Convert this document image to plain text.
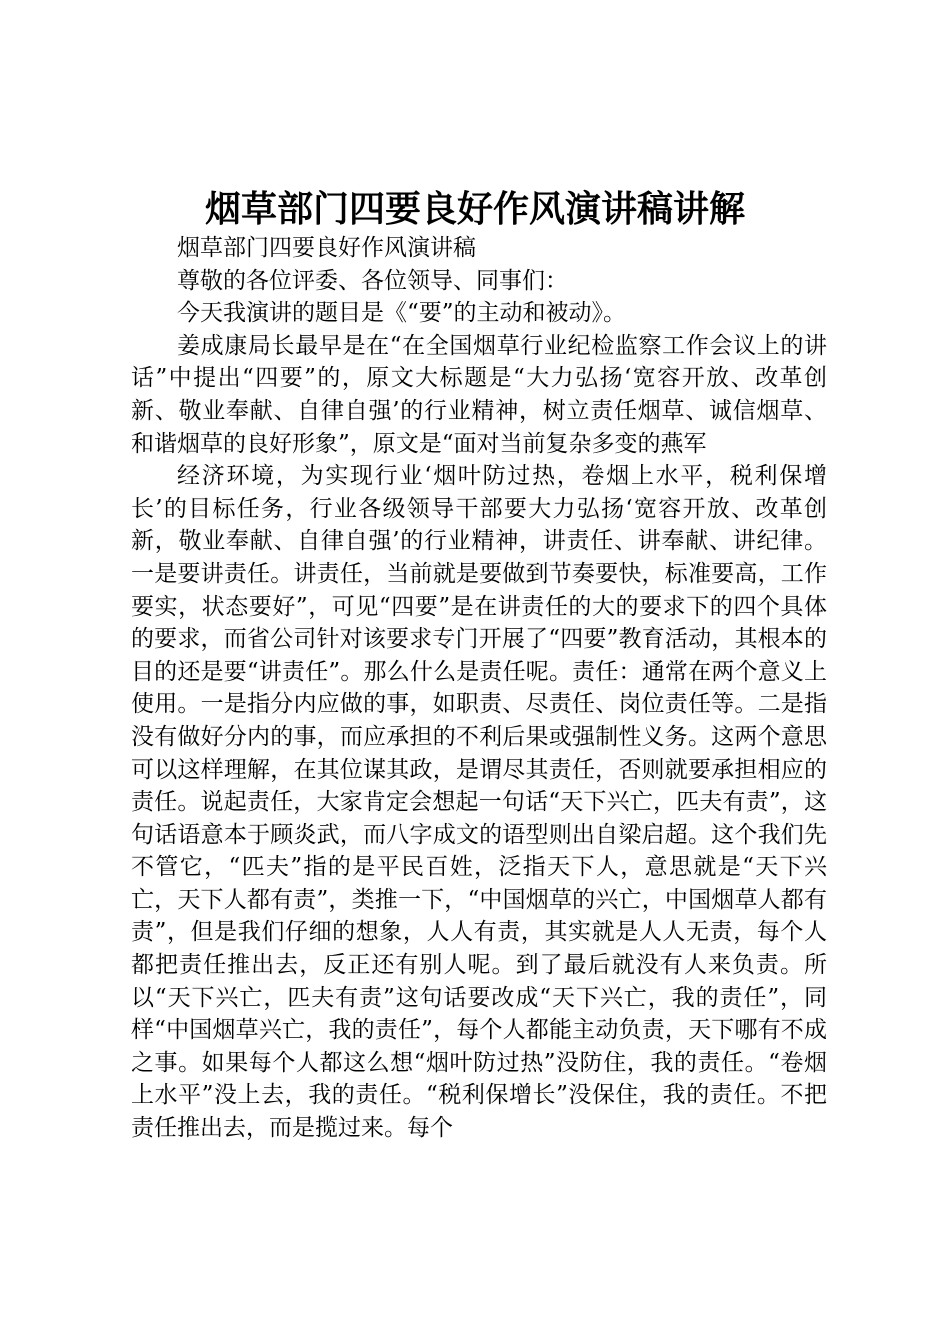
烟草部门四要良好作风演讲稿讲解

烟草部门四要良好作风演讲稿

尊敬的各位评委、各位领导、同事们：

今天我演讲的题目是《“要”的主动和被动》。

姜成康局长最早是在“在全国烟草行业纪检监察工作会议上的讲话”中提出“四要”的，原文大标题是“大力弘扬‘宽容开放、改革创新、敬业奉献、自律自强’的行业精神，树立责任烟草、诚信烟草、和谐烟草的良好形象”，原文是“面对当前复杂多变的燕军

经济环境，为实现行业‘烟叶防过热，卷烟上水平，税利保增长’的目标任务，行业各级领导干部要大力弘扬‘宽容开放、改革创新，敬业奉献、自律自强’的行业精神，讲责任、讲奉献、讲纪律。一是要讲责任。讲责任，当前就是要做到节奏要快，标准要高，工作要实，状态要好”，可见“四要”是在讲责任的大的要求下的四个具体的要求，而省公司针对该要求专门开展了“四要”教育活动，其根本的目的还是要“讲责任”。那么什么是责任呢。责任：通常在两个意义上使用。一是指分内应做的事，如职责、尽责任、岗位责任等。二是指没有做好分内的事，而应承担的不利后果或强制性义务。这两个意思可以这样理解，在其位谋其政，是谓尽其责任，否则就要承担相应的责任。说起责任，大家肯定会想起一句话“天下兴亡，匹夫有责”，这句话语意本于顾炎武，而八字成文的语型则出自梁启超。这个我们先不管它，“匹夫”指的是平民百姓，泛指天下人，意思就是“天下兴亡，天下人都有责”，类推一下，“中国烟草的兴亡，中国烟草人都有责”，但是我们仔细的想象，人人有责，其实就是人人无责，每个人都把责任推出去，反正还有别人呢。到了最后就没有人来负责。所以“天下兴亡，匹夫有责”这句话要改成“天下兴亡，我的责任”，同样“中国烟草兴亡，我的责任”，每个人都能主动负责，天下哪有不成之事。如果每个人都这么想“烟叶防过热”没防住，我的责任。“卷烟上水平”没上去，我的责任。“税利保增长”没保住，我的责任。不把责任推出去，而是揽过来。每个
